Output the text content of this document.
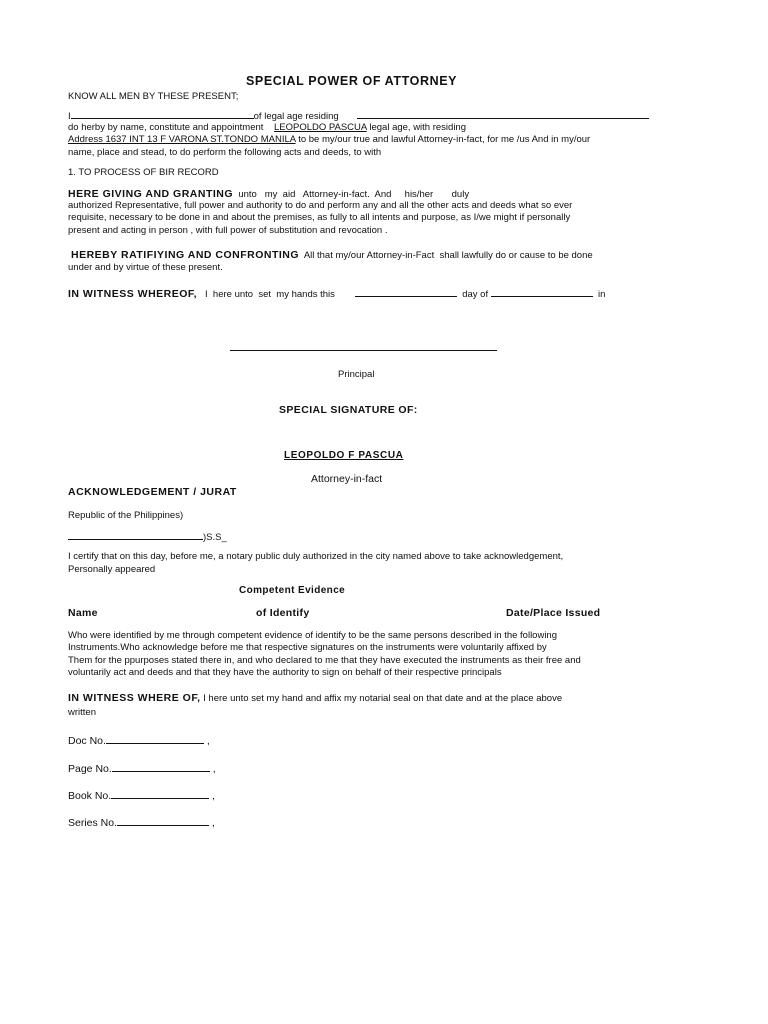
SPECIAL POWER OF ATTORNEY
KNOW ALL MEN BY THESE PRESENT;
I	of legal age residing
do herby by name, constitute and appointment LEOPOLDO PASCUA legal age, with residing
Address 1637 INT 13 F VARONA ST.TONDO MANILA to be my/our true and lawful Attorney-in-fact, for me /us And in my/our
name, place and stead, to do perform the following acts and deeds, to with
1. TO PROCESS OF BIR RECORD
HERE GIVING AND GRANTING  unto   my  aid   Attorney-in-fact.  And     his/her       duly
authorized Representative, full power and authority to do and perform any and all the other acts and deeds what so ever
requisite, necessary to be done in and about the premises, as fully to all intents and purpose, as I/we might if personally
present and acting in person , with full power of substitution and revocation .
HEREBY RATIFIYING AND CONFRONTING  All that my/our Attorney-in-Fact  shall lawfully do or cause to be done
under and by virtue of these present.
IN WITNESS WHEREOF,   I  here unto  set  my hands this	day of	in
Principal
SPECIAL SIGNATURE OF:
LEOPOLDO F PASCUA
Attorney-in-fact
ACKNOWLEDGEMENT / JURAT
Republic of the Philippines)
)S.S_
I certify that on this day, before me, a notary public duly authorized in the city named above to take acknowledgement,
Personally appeared
Competent Evidence
Name	of Identify	Date/Place Issued
Who were identified by me through competent evidence of identify to be the same persons described in the following
Instruments.Who acknowledge before me that respective signatures on the instruments were voluntarily affixed by
Them for the ppurposes stated there in, and who declared to me that they have executed the instruments as their free and
voluntarily act and deeds and that they have the authority to sign on behalf of their respective principals
IN WITNESS WHERE OF, I here unto set my hand and affix my notarial seal on that date and at the place above
written
Doc No.	,
Page No.	,
Book No.	,
Series No.	,
